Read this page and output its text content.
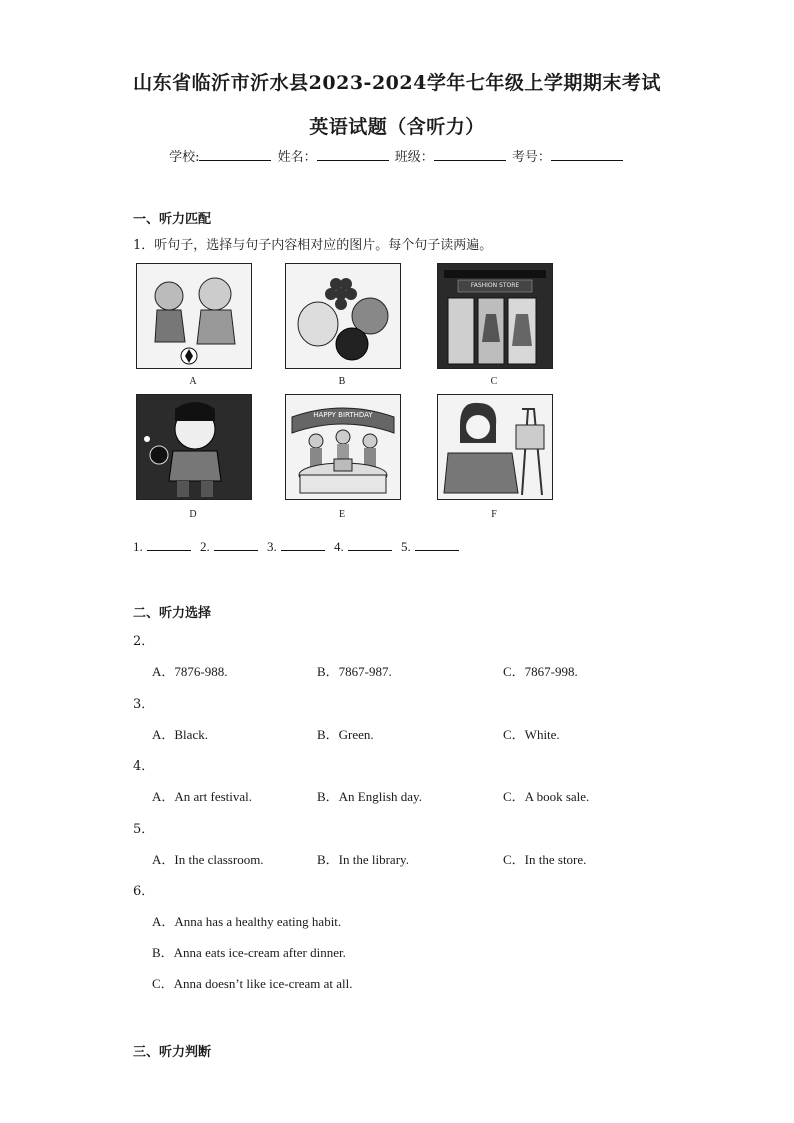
山东省临沂市沂水县2023-2024学年七年级上学期期末考试
英语试题（含听力）
学校:	姓名：	班级：	考号：
一、听力匹配
1．听句子，选择与句子内容相对应的图片。每个句子读两遍。
A	B
FASHION STORE
C
D
HAPPY BIRTHDAY
E	F
1.	2.	3.	4.	5.
二、听力选择
2．
A．7876-988.	B．7867-987.	C．7867-998.
3．
A．Black.	B．Green.	C．White.
4．
A．An art festival.	B．An English day.	C．A book sale.
5．
A．In the classroom.	B．In the library.	C．In the store.
6．
A．Anna has a healthy eating habit.
B．Anna eats ice-cream after dinner.
C．Anna doesn’t like ice-cream at all.
三、听力判断
